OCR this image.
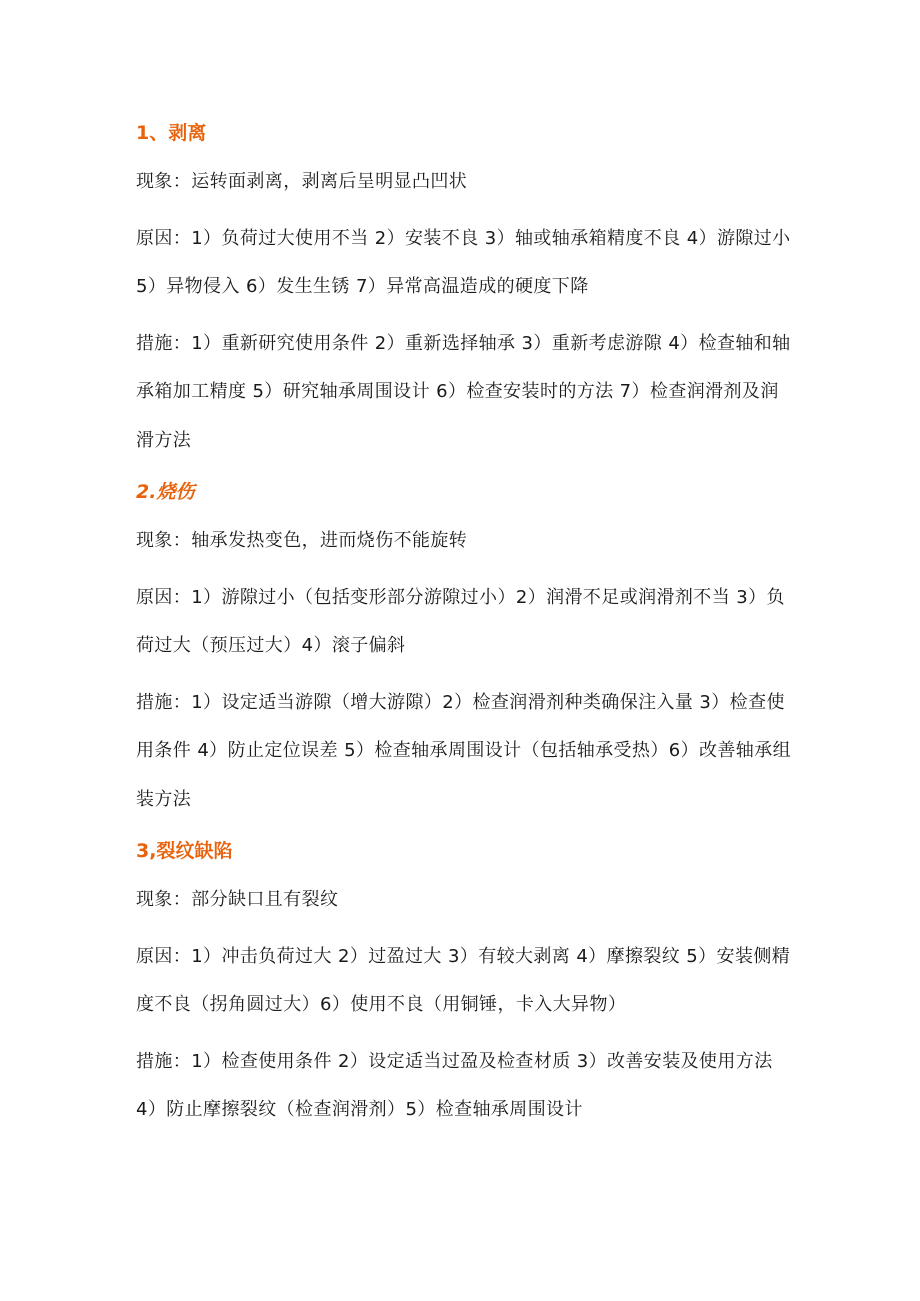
1、剥离

现象：运转面剥离，剥离后呈明显凸凹状

原因：1）负荷过大使用不当 2）安装不良 3）轴或轴承箱精度不良 4）游隙过小 5）异物侵入 6）发生生锈 7）异常高温造成的硬度下降

措施：1）重新研究使用条件 2）重新选择轴承 3）重新考虑游隙 4）检查轴和轴承箱加工精度 5）研究轴承周围设计 6）检查安装时的方法 7）检查润滑剂及润滑方法

2.烧伤

现象：轴承发热变色，进而烧伤不能旋转

原因：1）游隙过小（包括变形部分游隙过小）2）润滑不足或润滑剂不当 3）负荷过大（预压过大）4）滚子偏斜

措施：1）设定适当游隙（增大游隙）2）检查润滑剂种类确保注入量 3）检查使用条件 4）防止定位误差 5）检查轴承周围设计（包括轴承受热）6）改善轴承组装方法

3,裂纹缺陷

现象：部分缺口且有裂纹

原因：1）冲击负荷过大 2）过盈过大 3）有较大剥离 4）摩擦裂纹 5）安装侧精度不良（拐角圆过大）6）使用不良（用铜锤，卡入大异物）

措施：1）检查使用条件 2）设定适当过盈及检查材质 3）改善安装及使用方法 4）防止摩擦裂纹（检查润滑剂）5）检查轴承周围设计
